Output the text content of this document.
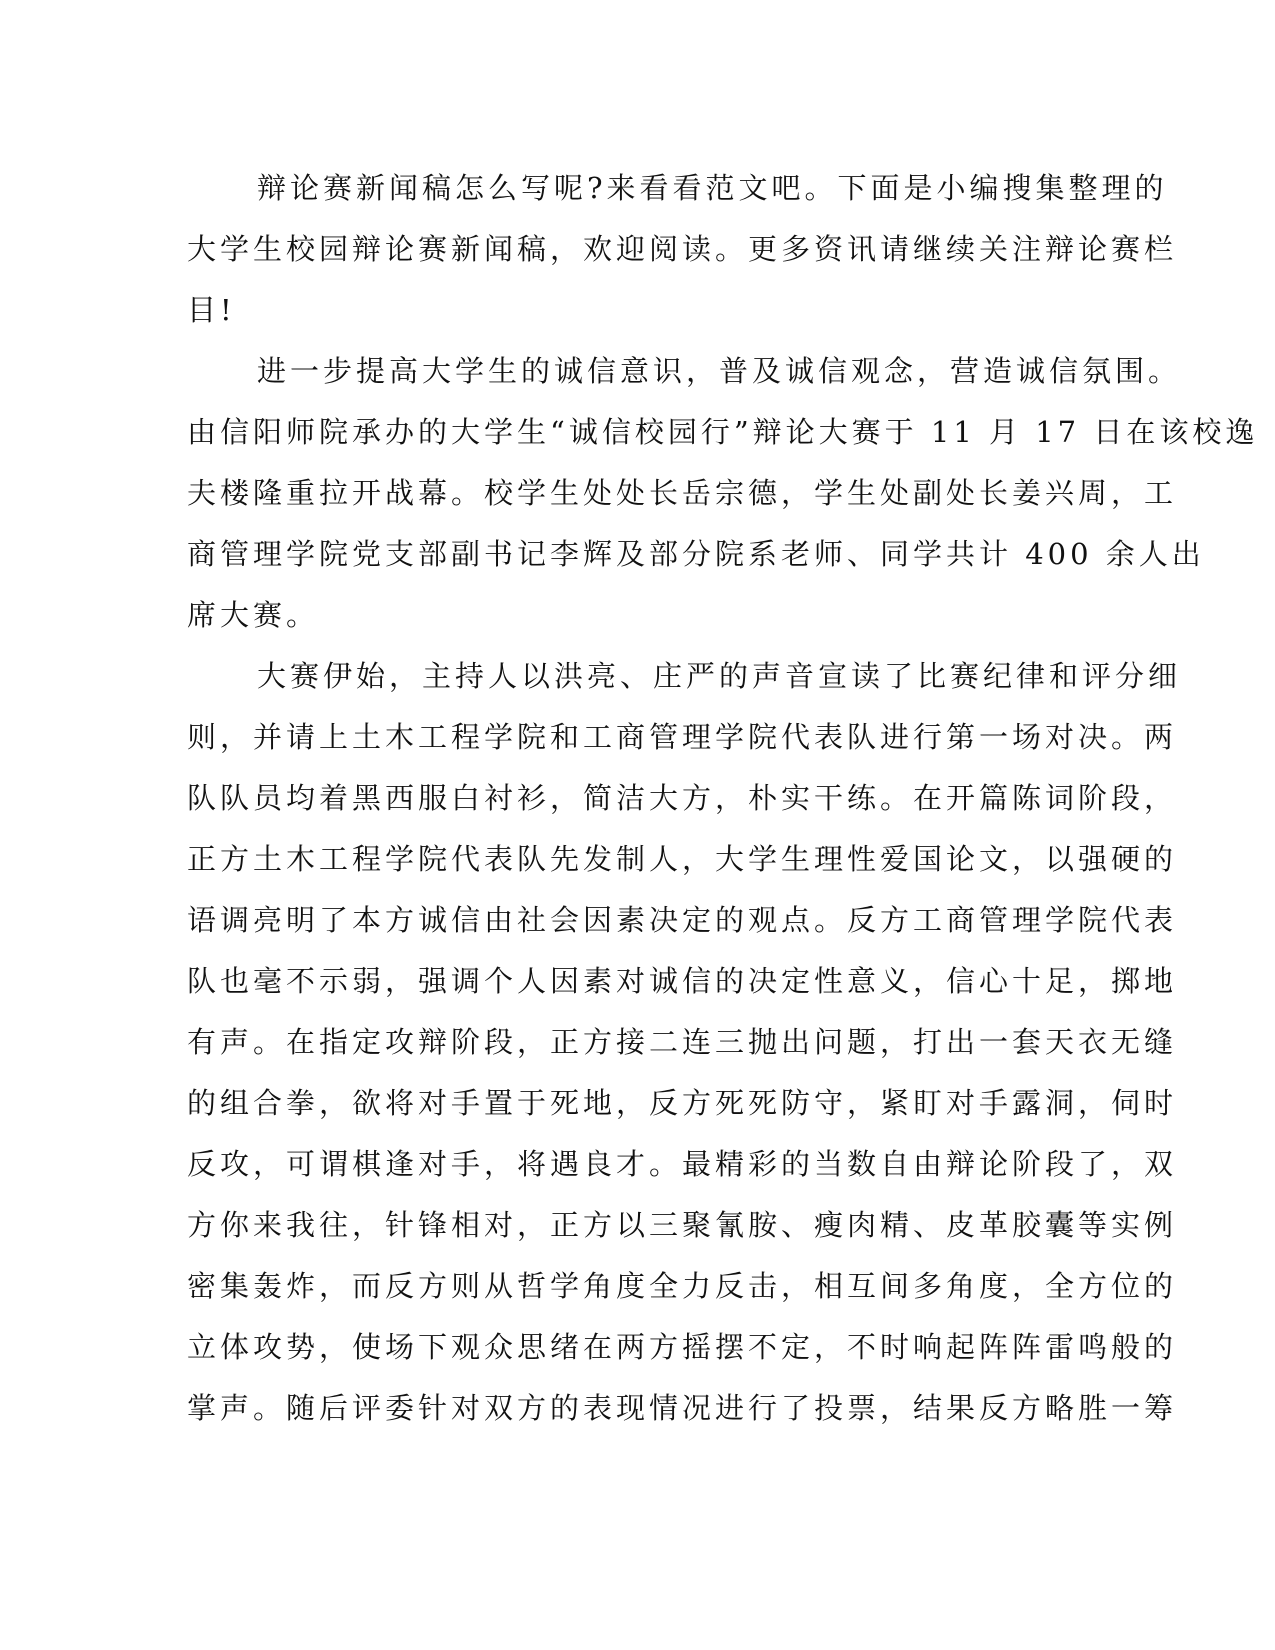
辩论赛新闻稿怎么写呢?来看看范文吧。下面是小编搜集整理的
大学生校园辩论赛新闻稿，欢迎阅读。更多资讯请继续关注辩论赛栏
目!
进一步提高大学生的诚信意识，普及诚信观念，营造诚信氛围。
由信阳师院承办的大学生“诚信校园行”辩论大赛于 11 月 17 日在该校逸
夫楼隆重拉开战幕。校学生处处长岳宗德，学生处副处长姜兴周，工
商管理学院党支部副书记李辉及部分院系老师、同学共计 400 余人出
席大赛。
大赛伊始，主持人以洪亮、庄严的声音宣读了比赛纪律和评分细
则，并请上土木工程学院和工商管理学院代表队进行第一场对决。两
队队员均着黑西服白衬衫，简洁大方，朴实干练。在开篇陈词阶段，
正方土木工程学院代表队先发制人，大学生理性爱国论文，以强硬的
语调亮明了本方诚信由社会因素决定的观点。反方工商管理学院代表
队也毫不示弱，强调个人因素对诚信的决定性意义，信心十足，掷地
有声。在指定攻辩阶段，正方接二连三抛出问题，打出一套天衣无缝
的组合拳，欲将对手置于死地，反方死死防守，紧盯对手露洞，伺时
反攻，可谓棋逢对手，将遇良才。最精彩的当数自由辩论阶段了，双
方你来我往，针锋相对，正方以三聚氰胺、瘦肉精、皮革胶囊等实例
密集轰炸，而反方则从哲学角度全力反击，相互间多角度，全方位的
立体攻势，使场下观众思绪在两方摇摆不定，不时响起阵阵雷鸣般的
掌声。随后评委针对双方的表现情况进行了投票，结果反方略胜一筹
